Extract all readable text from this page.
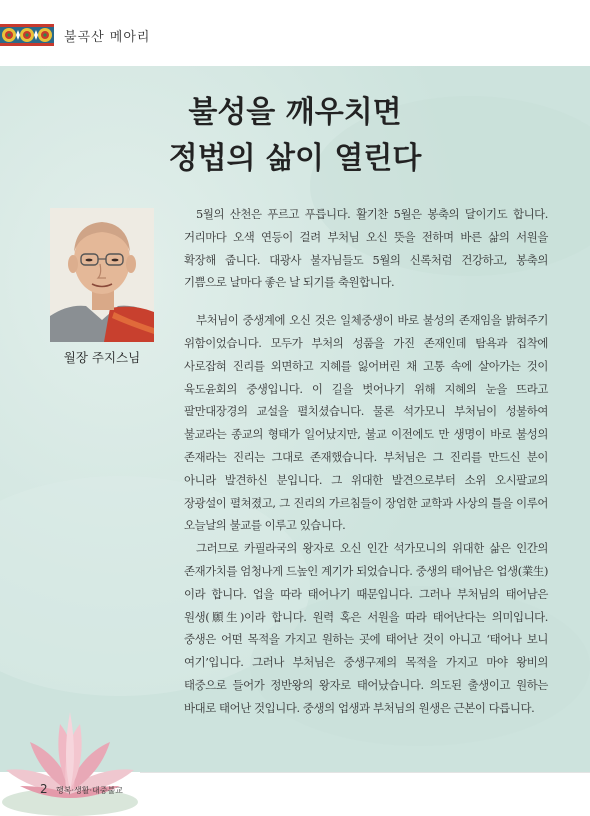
불곡산 메아리
불성을 깨우치면
정법의 삶이 열린다
월장 주지스님

5월의 산천은 푸르고 푸릅니다. 활기찬 5월은 봉축의 달이기도 합니다. 거리마다 오색 연등이 걸려 부처님 오신 뜻을 전하며 바른 삶의 서원을 확장해 줍니다. 대광사 불자님들도 5월의 신록처럼 건강하고, 봉축의 기쁨으로 날마다 좋은 날 되기를 축원합니다.

부처님이 중생계에 오신 것은 일체중생이 바로 불성의 존재임을 밝혀주기 위함이었습니다. 모두가 부처의 성품을 가진 존재인데 탐욕과 집착에 사로잡혀 진리를 외면하고 지혜를 잃어버린 채 고통 속에 살아가는 것이 육도윤회의 중생입니다. 이 길을 벗어나기 위해 지혜의 눈을 뜨라고 팔만대장경의 교설을 펼치셨습니다. 물론 석가모니 부처님이 성불하여 불교라는 종교의 형태가 일어났지만, 불교 이전에도 만 생명이 바로 불성의 존재라는 진리는 그대로 존재했습니다. 부처님은 그 진리를 만드신 분이 아니라 발견하신 분입니다. 그 위대한 발견으로부터 소위 오시팔교의 장광설이 펼쳐졌고, 그 진리의 가르침들이 장엄한 교학과 사상의 틀을 이루어 오늘날의 불교를 이루고 있습니다.

그러므로 카필라국의 왕자로 오신 인간 석가모니의 위대한 삶은 인간의 존재가치를 엄청나게 드높인 계기가 되었습니다. 중생의 태어남은 업생(業生)이라 합니다. 업을 따라 태어나기 때문입니다. 그러나 부처님의 태어남은 원생(願生)이라 합니다. 원력 혹은 서원을 따라 태어난다는 의미입니다. 중생은 어떤 목적을 가지고 원하는 곳에 태어난 것이 아니고 ‘태어나 보니 여기’입니다. 그러나 부처님은 중생구제의 목적을 가지고 마야 왕비의 태중으로 들어가 정반왕의 왕자로 태어났습니다. 의도된 출생이고 원하는 바대로 태어난 것입니다. 중생의 업생과 부처님의 원생은 근본이 다릅니다.

2 행복·생활·대중불교
